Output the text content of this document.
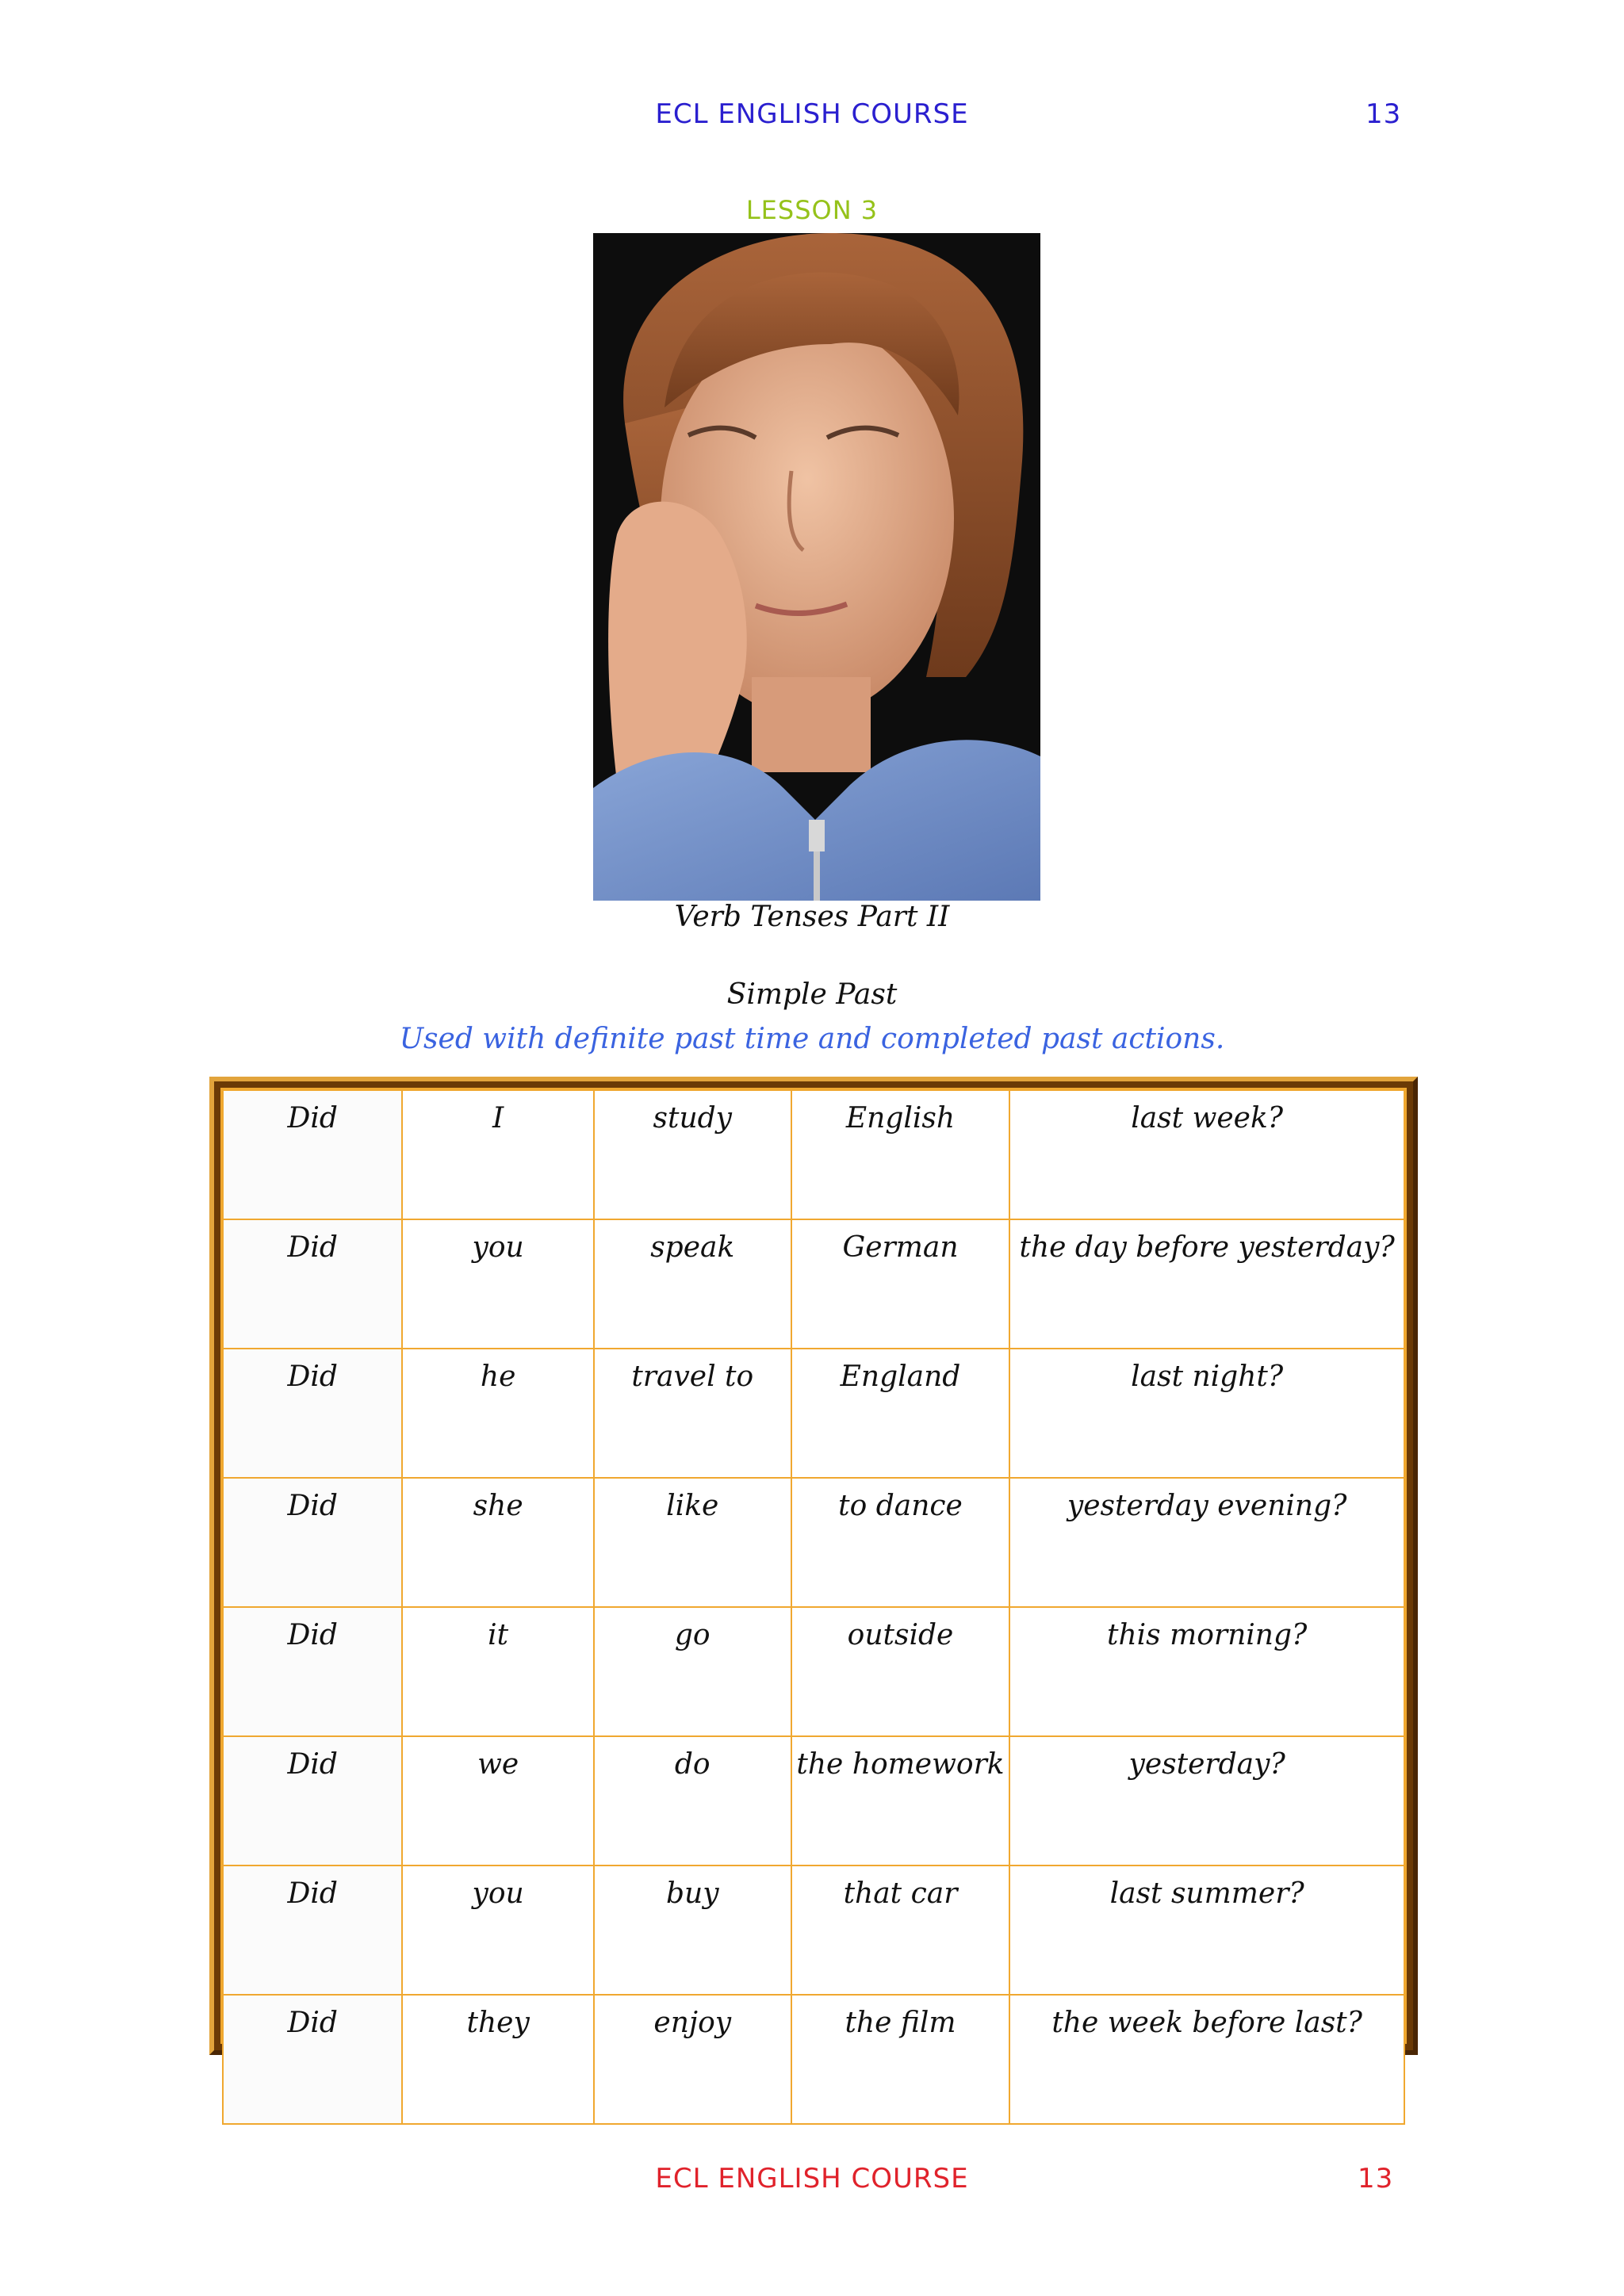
ECL ENGLISH COURSE	13
LESSON 3
Verb Tenses Part II
Simple Past
Used with definite past time and completed past actions.
Did	I	study	English	last week?
Did	you	speak	German	the day before yesterday?
Did	he	travel to	England	last night?
Did	she	like	to dance	yesterday evening?
Did	it	go	outside	this morning?
Did	we	do	the homework	yesterday?
Did	you	buy	that car	last summer?
Did	they	enjoy	the film	the week before last?
ECL ENGLISH COURSE	13
